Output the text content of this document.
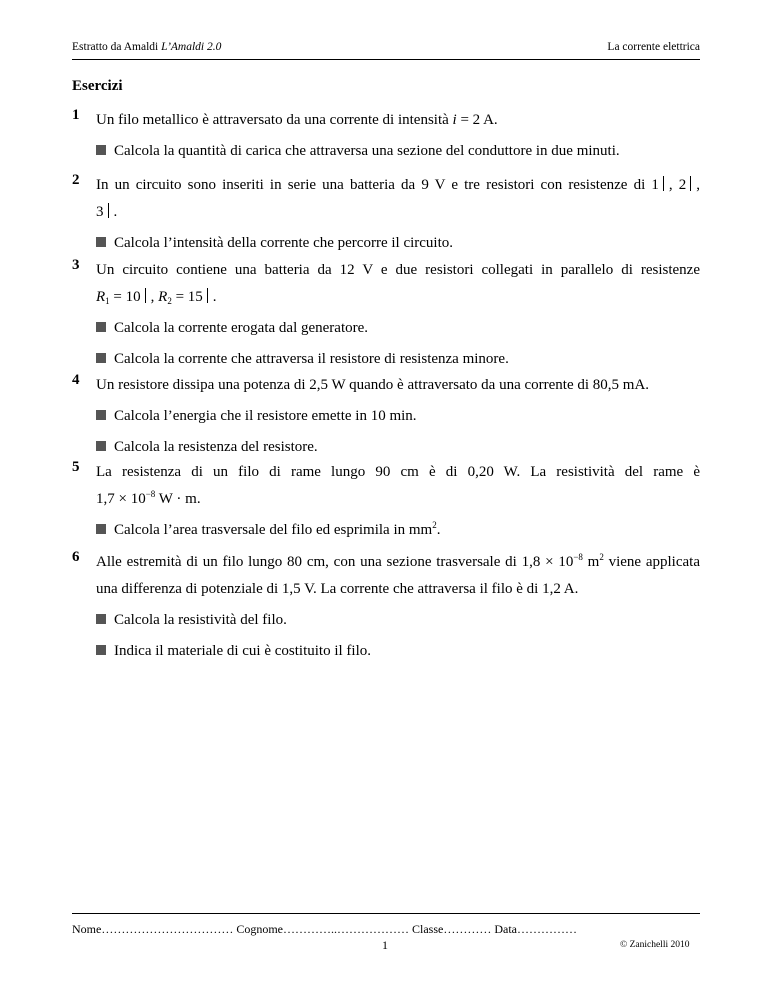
Estratto da Amaldi L’Amaldi 2.0	La corrente elettrica
Esercizi
1 Un filo metallico è attraversato da una corrente di intensità i = 2 A.
Calcola la quantità di carica che attraversa una sezione del conduttore in due minuti.
2 In un circuito sono inseriti in serie una batteria da 9 V e tre resistori con resistenze di 1 , 2 ,
3 .
Calcola l’intensità della corrente che percorre il circuito.
3 Un circuito contiene una batteria da 12 V e due resistori collegati in parallelo di resistenze
$R_1 = 10$ , $R_2 = 15$ .
Calcola la corrente erogata dal generatore.
Calcola la corrente che attraversa il resistore di resistenza minore.
4 Un resistore dissipa una potenza di 2,5 W quando è attraversato da una corrente di 80,5 mA.
Calcola l’energia che il resistore emette in 10 min.
Calcola la resistenza del resistore.
5 La resistenza di un filo di rame lungo 90 cm è di 0,20 W. La resistività del rame è
$1,7 \times 10^{-8}$ W · m.
Calcola l’area trasversale del filo ed esprimila in $mm^2$.
6 Alle estremità di un filo lungo 80 cm, con una sezione trasversale di $1,8 \times 10^{-8}$ $m^2$ viene applicata
una differenza di potenziale di 1,5 V. La corrente che attraversa il filo è di 1,2 A.
Calcola la resistività del filo.
Indica il materiale di cui è costituito il filo.
Nome…………………………… Cognome…………..……………… Classe………… Data……………
1	© Zanichelli 2010
